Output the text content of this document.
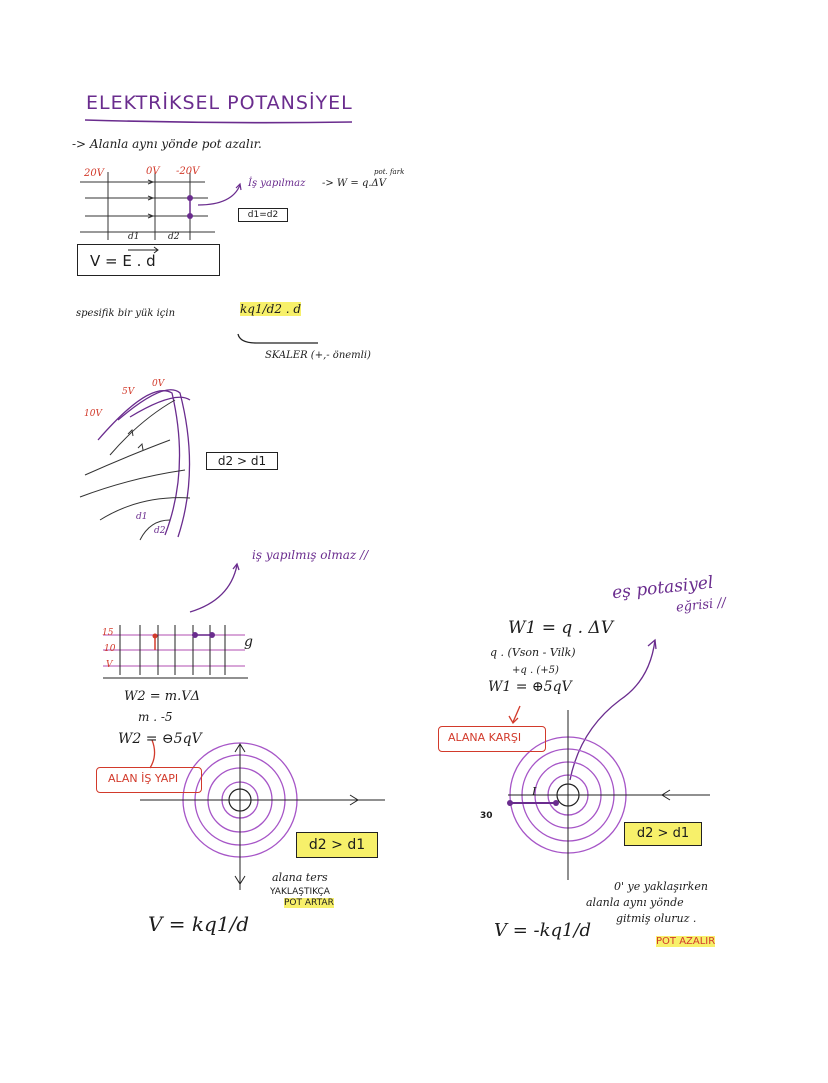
ELEKTRİKSEL POTANSİYEL
-> Alanla aynı yönde pot azalır.
20V	0V -20V
d1	d2
İş yapılmaz -> W = q.ΔV
pot. fark
d1=d2
V = E . d
spesifik bir yük için	kq1/d2 . d
SKALER (+,- önemli)
10V
5V
0V
d1
d2
d2 > d1
iş yapılmış olmaz //
15
10
V
g
W2 = m.VΔ
m . -5
W2 = ⊖5qV
ALAN İŞ YAPI
d2 > d1
alana ters
YAKLAŞTIKÇA
POT ARTAR
V = kq1/d
eş potasiyel
eğrisi //
W1 = q . ΔV
q . (Vson - Vilk)
+q . (+5)
W1 = ⊕5qV
ALANA KARŞI
I
30
d2 > d1
0' ye yaklaşırken
alanla aynı yönde
gitmiş oluruz .
POT AZALIR
V = -kq1/d
